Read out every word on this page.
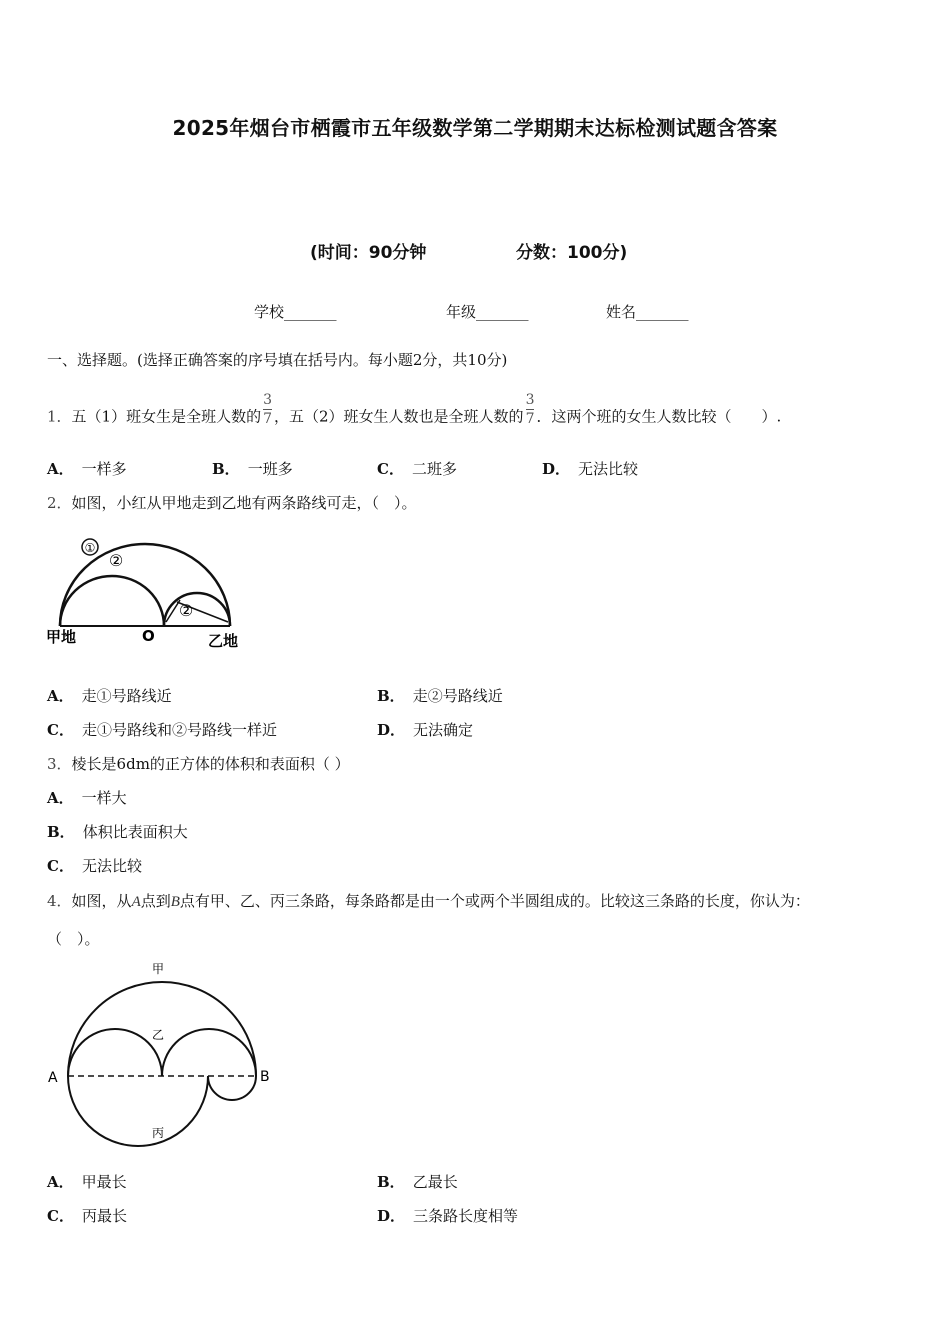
2025年烟台市栖霞市五年级数学第二学期期末达标检测试题含答案
(时间：90分钟	分数：100分)
学校_______	年级_______	姓名_______
一、选择题。(选择正确答案的序号填在括号内。每小题2分，共10分)
1．五（1）班女生是全班人数的 $\frac{3}{7}$ ，五（2）班女生人数也是全班人数的 $\frac{3}{7}$ ．这两个班的女生人数比较（　　）.
A． 一样多	B． 一班多	C． 二班多	D． 无法比较
2．如图，小红从甲地走到乙地有两条路线可走，（　）。
①
②
②
甲地	O	乙地
A． 走①号路线近	B． 走②号路线近
C． 走①号路线和②号路线一样近	D． 无法确定
3．棱长是6dm的正方体的体积和表面积（ ）
A． 一样大
B． 体积比表面积大
C． 无法比较
4．如图，从A点到B点有甲、乙、丙三条路，每条路都是由一个或两个半圆组成的。比较这三条路的长度，你认为：
（　）。
甲
乙
丙
A	B
A． 甲最长	B． 乙最长
C． 丙最长	D． 三条路长度相等
